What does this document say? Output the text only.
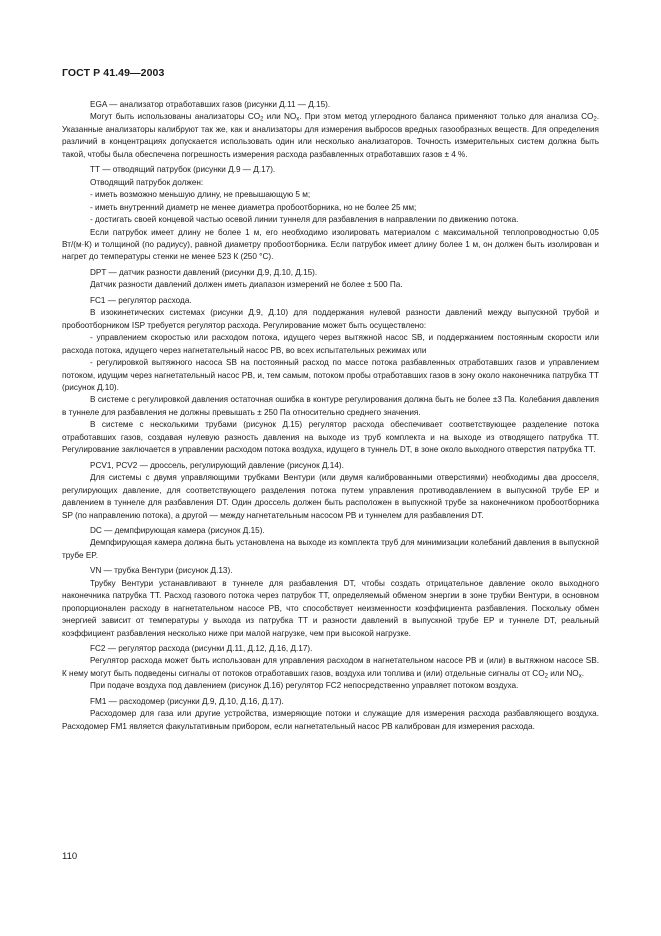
ГОСТ Р 41.49—2003

EGA — анализатор отработавших газов (рисунки Д.11 — Д.15).

Могут быть использованы анализаторы $CO_2$ или $NO_x$. При этом метод углеродного баланса применяют только для анализа $CO_2$. Указанные анализаторы калибруют так же, как и анализаторы для измерения выбросов вредных газообразных веществ. Для определения различий в концентрациях допускается использовать один или несколько анализаторов. Точность измерительных систем должна быть такой, чтобы была обеспечена погрешность измерения расхода разбавленных отработавших газов ± 4 %.

ТТ — отводящий патрубок (рисунки Д.9 — Д.17).

Отводящий патрубок должен:

- иметь возможно меньшую длину, не превышающую 5 м;

- иметь внутренний диаметр не менее диаметра пробоотборника, но не более 25 мм;

- достигать своей концевой частью осевой линии туннеля для разбавления в направлении по движению потока.

Если патрубок имеет длину не более 1 м, его необходимо изолировать материалом с максимальной теплопроводностью 0,05 Вт/(м·К) и толщиной (по радиусу), равной диаметру пробоотборника. Если патрубок имеет длину более 1 м, он должен быть изолирован и нагрет до температуры стенки не менее 523 К (250 °С).

DPT — датчик разности давлений (рисунки Д.9, Д.10, Д.15).

Датчик разности давлений должен иметь диапазон измерений не более ± 500 Па.

FC1 — регулятор расхода.

В изокинетических системах (рисунки Д.9, Д.10) для поддержания нулевой разности давлений между выпускной трубой и пробоотборником ISP требуется регулятор расхода. Регулирование может быть осуществлено:

- управлением скоростью или расходом потока, идущего через вытяжной насос SB, и поддержанием постоянным скорости или расхода потока, идущего через нагнетательный насос PB, во всех испытательных режимах или

- регулировкой вытяжного насоса SB на постоянный расход по массе потока разбавленных отработавших газов и управлением потоком, идущим через нагнетательный насос PB, и, тем самым, потоком пробы отработавших газов в зону около наконечника патрубка ТТ (рисунок Д.10).

В системе с регулировкой давления остаточная ошибка в контуре регулирования должна быть не более ±3 Па. Колебания давления в туннеле для разбавления не должны превышать ± 250 Па относительно среднего значения.

В системе с несколькими трубами (рисунок Д.15) регулятор расхода обеспечивает соответствующее разделение потока отработавших газов, создавая нулевую разность давления на выходе из труб комплекта и на выходе из отводящего патрубка ТТ. Регулирование заключается в управлении расходом потока воздуха, идущего в туннель DT, в зоне около выходного отверстия патрубка ТТ.

PCV1, PCV2 — дроссель, регулирующий давление (рисунок Д.14).

Для системы с двумя управляющими трубками Вентури (или двумя калиброванными отверстиями) необходимы два дросселя, регулирующих давление, для соответствующего разделения потока путем управления противодавлением в выпускной трубе EP и давлением в туннеле для разбавления DT. Один дроссель должен быть расположен в выпускной трубе за наконечником пробоотборника SP (по направлению потока), а другой — между нагнетательным насосом PB и туннелем для разбавления DT.

DC — демпфирующая камера (рисунок Д.15).

Демпфирующая камера должна быть установлена на выходе из комплекта труб для минимизации колебаний давления в выпускной трубе EP.

VN — трубка Вентури (рисунок Д.13).

Трубку Вентури устанавливают в туннеле для разбавления DT, чтобы создать отрицательное давление около выходного наконечника патрубка ТТ. Расход газового потока через патрубок ТТ, определяемый обменом энергии в зоне трубки Вентури, в основном пропорционален расходу в нагнетательном насосе PB, что способствует неизменности коэффициента разбавления. Поскольку обмен энергией зависит от температуры у выхода из патрубка ТТ и разности давлений в выпускной трубе EP и туннеле DT, реальный коэффициент разбавления несколько ниже при малой нагрузке, чем при высокой нагрузке.

FC2 — регулятор расхода (рисунки Д.11, Д.12, Д.16, Д.17).

Регулятор расхода может быть использован для управления расходом в нагнетательном насосе PB и (или) в вытяжном насосе SB. К нему могут быть подведены сигналы от потоков отработавших газов, воздуха или топлива и (или) отдельные сигналы от $CO_2$ или $NO_x$.

При подаче воздуха под давлением (рисунок Д.16) регулятор FC2 непосредственно управляет потоком воздуха.

FM1 — расходомер (рисунки Д.9, Д.10, Д.16, Д.17).

Расходомер для газа или другие устройства, измеряющие потоки и служащие для измерения расхода разбавляющего воздуха. Расходомер FM1 является факультативным прибором, если нагнетательный насос PB калиброван для измерения расхода.

110
